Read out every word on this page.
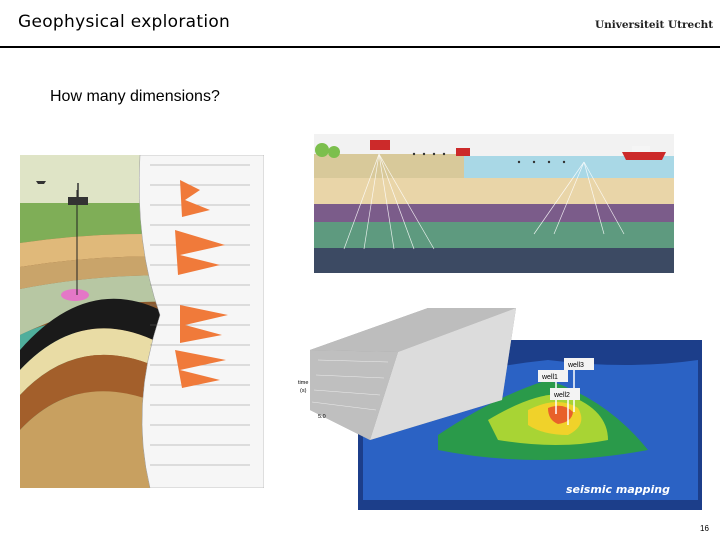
Geophysical exploration	Universiteit Utrecht
How many dimensions?
well3
well1
well2
time
(s)
5.0
seismic mapping
16
